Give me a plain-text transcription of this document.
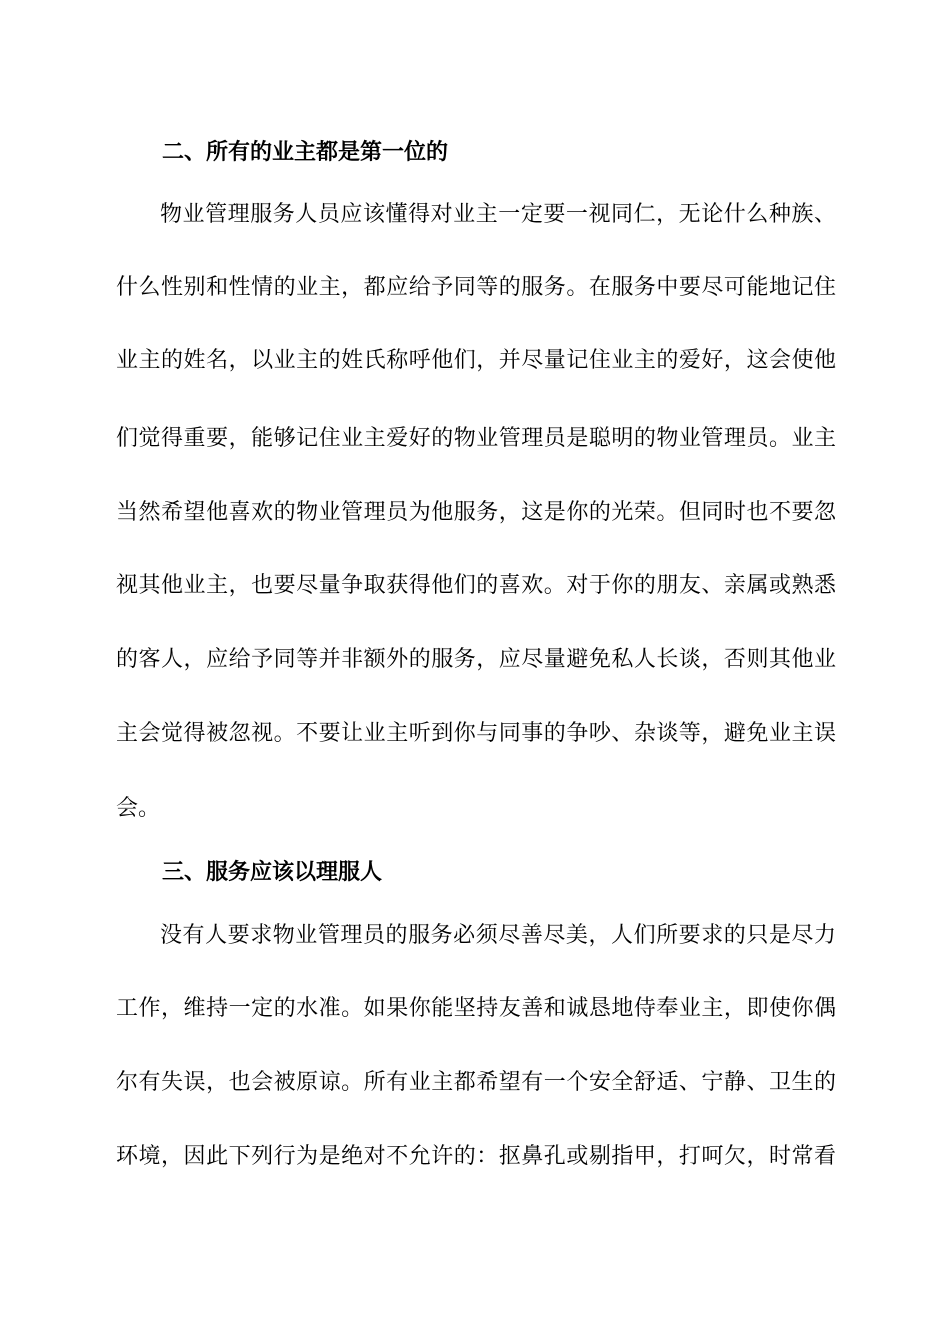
二、所有的业主都是第一位的
物业管理服务人员应该懂得对业主一定要一视同仁，无论什么种族、
什么性别和性情的业主，都应给予同等的服务。在服务中要尽可能地记住
业主的姓名，以业主的姓氏称呼他们，并尽量记住业主的爱好，这会使他
们觉得重要，能够记住业主爱好的物业管理员是聪明的物业管理员。业主
当然希望他喜欢的物业管理员为他服务，这是你的光荣。但同时也不要忽
视其他业主，也要尽量争取获得他们的喜欢。对于你的朋友、亲属或熟悉
的客人，应给予同等并非额外的服务，应尽量避免私人长谈，否则其他业
主会觉得被忽视。不要让业主听到你与同事的争吵、杂谈等，避免业主误
会。
三、服务应该以理服人
没有人要求物业管理员的服务必须尽善尽美，人们所要求的只是尽力
工作，维持一定的水准。如果你能坚持友善和诚恳地侍奉业主，即使你偶
尔有失误，也会被原谅。所有业主都希望有一个安全舒适、宁静、卫生的
环境，因此下列行为是绝对不允许的：抠鼻孔或剔指甲，打呵欠，时常看
